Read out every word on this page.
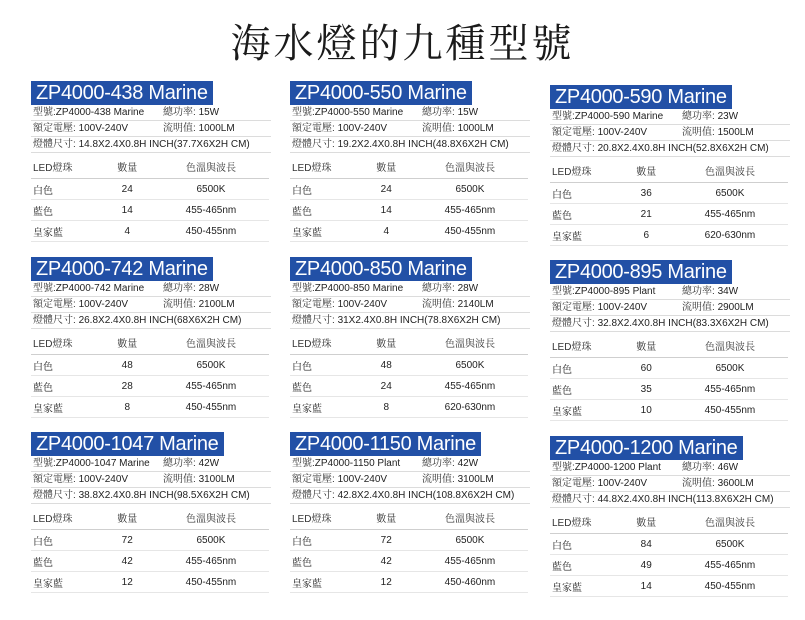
海水燈的九種型號
ZP4000-438 Marine
型號:ZP4000-438 Marine 總功率: 15W
額定電壓: 100V-240V	流明值: 1000LM
燈體尺寸: 14.8X2.4X0.8H INCH(37.7X6X2H CM)
LED燈珠	數量	色溫與波長
白色	24	6500K
藍色	14	455-465nm
皇家藍	4	450-455nm
ZP4000-550 Marine
型號:ZP4000-550 Marine 總功率: 15W
額定電壓: 100V-240V	流明值: 1000LM
燈體尺寸: 19.2X2.4X0.8H INCH(48.8X6X2H CM)
LED燈珠	數量	色溫與波長
白色	24	6500K
藍色	14	455-465nm
皇家藍	4	450-455nm
ZP4000-590 Marine
型號:ZP4000-590 Marine 總功率: 23W
額定電壓: 100V-240V	流明值: 1500LM
燈體尺寸: 20.8X2.4X0.8H INCH(52.8X6X2H CM)
LED燈珠	數量	色溫與波長
白色	36	6500K
藍色	21	455-465nm
皇家藍	6	620-630nm
ZP4000-742 Marine
型號:ZP4000-742 Marine 總功率: 28W
額定電壓: 100V-240V	流明值: 2100LM
燈體尺寸: 26.8X2.4X0.8H INCH(68X6X2H CM)
LED燈珠	數量	色溫與波長
白色	48	6500K
藍色	28	455-465nm
皇家藍	8	450-455nm
ZP4000-850 Marine
型號:ZP4000-850 Marine 總功率: 28W
額定電壓: 100V-240V	流明值: 2140LM
燈體尺寸: 31X2.4X0.8H INCH(78.8X6X2H CM)
LED燈珠	數量	色溫與波長
白色	48	6500K
藍色	24	455-465nm
皇家藍	8	620-630nm
ZP4000-895 Marine
型號:ZP4000-895 Plant	總功率: 34W
額定電壓: 100V-240V	流明值: 2900LM
燈體尺寸: 32.8X2.4X0.8H INCH(83.3X6X2H CM)
LED燈珠	數量	色溫與波長
白色	60	6500K
藍色	35	455-465nm
皇家藍	10	450-455nm
ZP4000-1047 Marine
型號:ZP4000-1047 Marine 總功率: 42W
額定電壓: 100V-240V	流明值: 3100LM
燈體尺寸: 38.8X2.4X0.8H INCH(98.5X6X2H CM)
LED燈珠	數量	色溫與波長
白色	72	6500K
藍色	42	455-465nm
皇家藍	12	450-455nm
ZP4000-1150 Marine
型號:ZP4000-1150 Plant 總功率: 42W
額定電壓: 100V-240V	流明值: 3100LM
燈體尺寸: 42.8X2.4X0.8H INCH(108.8X6X2H CM)
LED燈珠	數量	色溫與波長
白色	72	6500K
藍色	42	455-465nm
皇家藍	12	450-460nm
ZP4000-1200 Marine
型號:ZP4000-1200 Plant 總功率: 46W
額定電壓: 100V-240V	流明值: 3600LM
燈體尺寸: 44.8X2.4X0.8H INCH(113.8X6X2H CM)
LED燈珠	數量	色溫與波長
白色	84	6500K
藍色	49	455-465nm
皇家藍	14	450-455nm
